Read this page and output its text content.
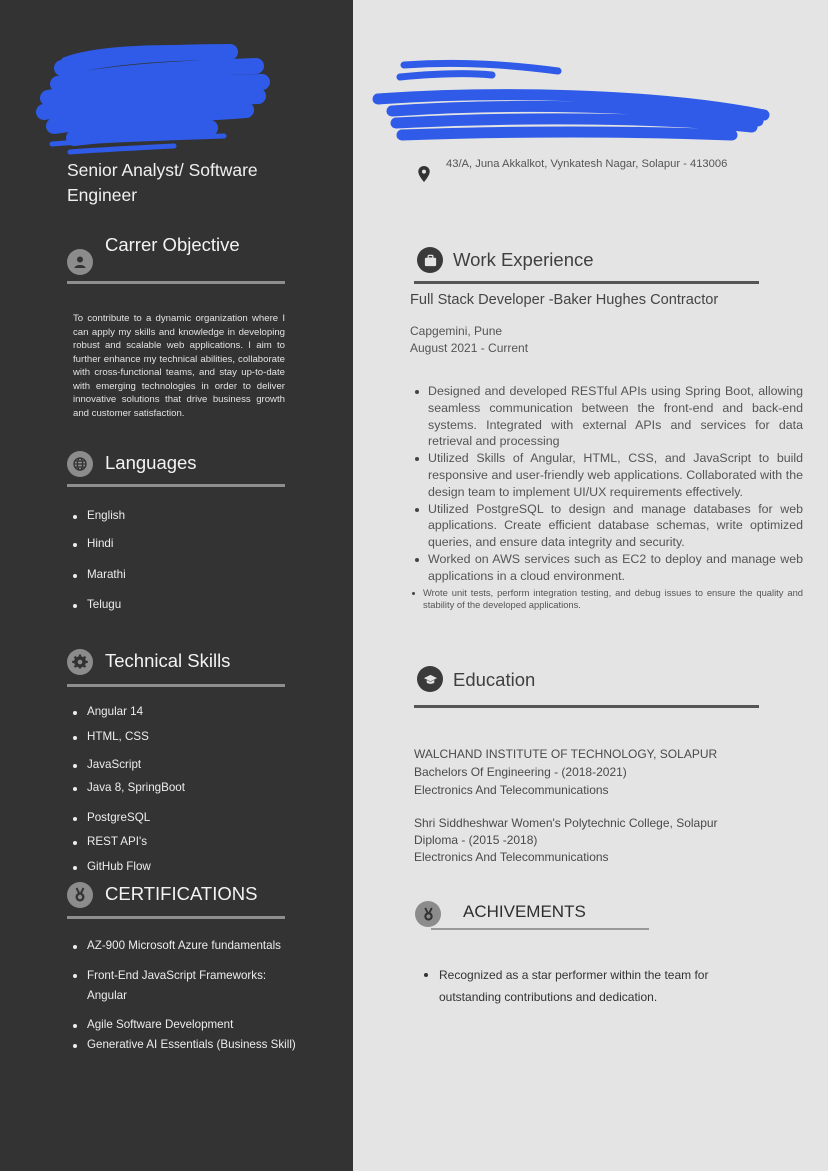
Senior Analyst/ Software Engineer
Carrer Objective
To contribute to a dynamic organization where I can apply my skills and knowledge in developing robust and scalable web applications. I aim to further enhance my technical abilities, collaborate with cross-functional teams, and stay up-to-date with emerging technologies in order to deliver innovative solutions that drive business growth and customer satisfaction.
Languages
English
Hindi
Marathi
Telugu
Technical Skills
Angular 14
HTML, CSS
JavaScript
Java 8, SpringBoot
PostgreSQL
REST API's
GitHub Flow
CERTIFICATIONS
AZ-900 Microsoft Azure fundamentals
Front-End JavaScript Frameworks: Angular
Agile Software Development
Generative AI Essentials (Business Skill)
43/A, Juna Akkalkot, Vynkatesh Nagar, Solapur - 413006
Work Experience
Full Stack Developer -Baker Hughes Contractor
Capgemini, Pune
August 2021 - Current
Designed and developed RESTful APIs using Spring Boot, allowing seamless communication between the front-end and back-end systems. Integrated with external APIs and services for data retrieval and processing
Utilized Skills of Angular, HTML, CSS, and JavaScript to build responsive and user-friendly web applications. Collaborated with the design team to implement UI/UX requirements effectively.
Utilized PostgreSQL to design and manage databases for web applications. Create efficient database schemas, write optimized queries, and ensure data integrity and security.
Worked on AWS services such as EC2 to deploy and manage web applications in a cloud environment.
Wrote unit tests, perform integration testing, and debug issues to ensure the quality and stability of the developed applications.
Education
WALCHAND INSTITUTE OF TECHNOLOGY, SOLAPUR
Bachelors Of Engineering - (2018-2021)
Electronics And Telecommunications
Shri Siddheshwar Women's Polytechnic College, Solapur
Diploma - (2015 -2018)
Electronics And Telecommunications
ACHIVEMENTS
Recognized as a star performer within the team for outstanding contributions and dedication.
